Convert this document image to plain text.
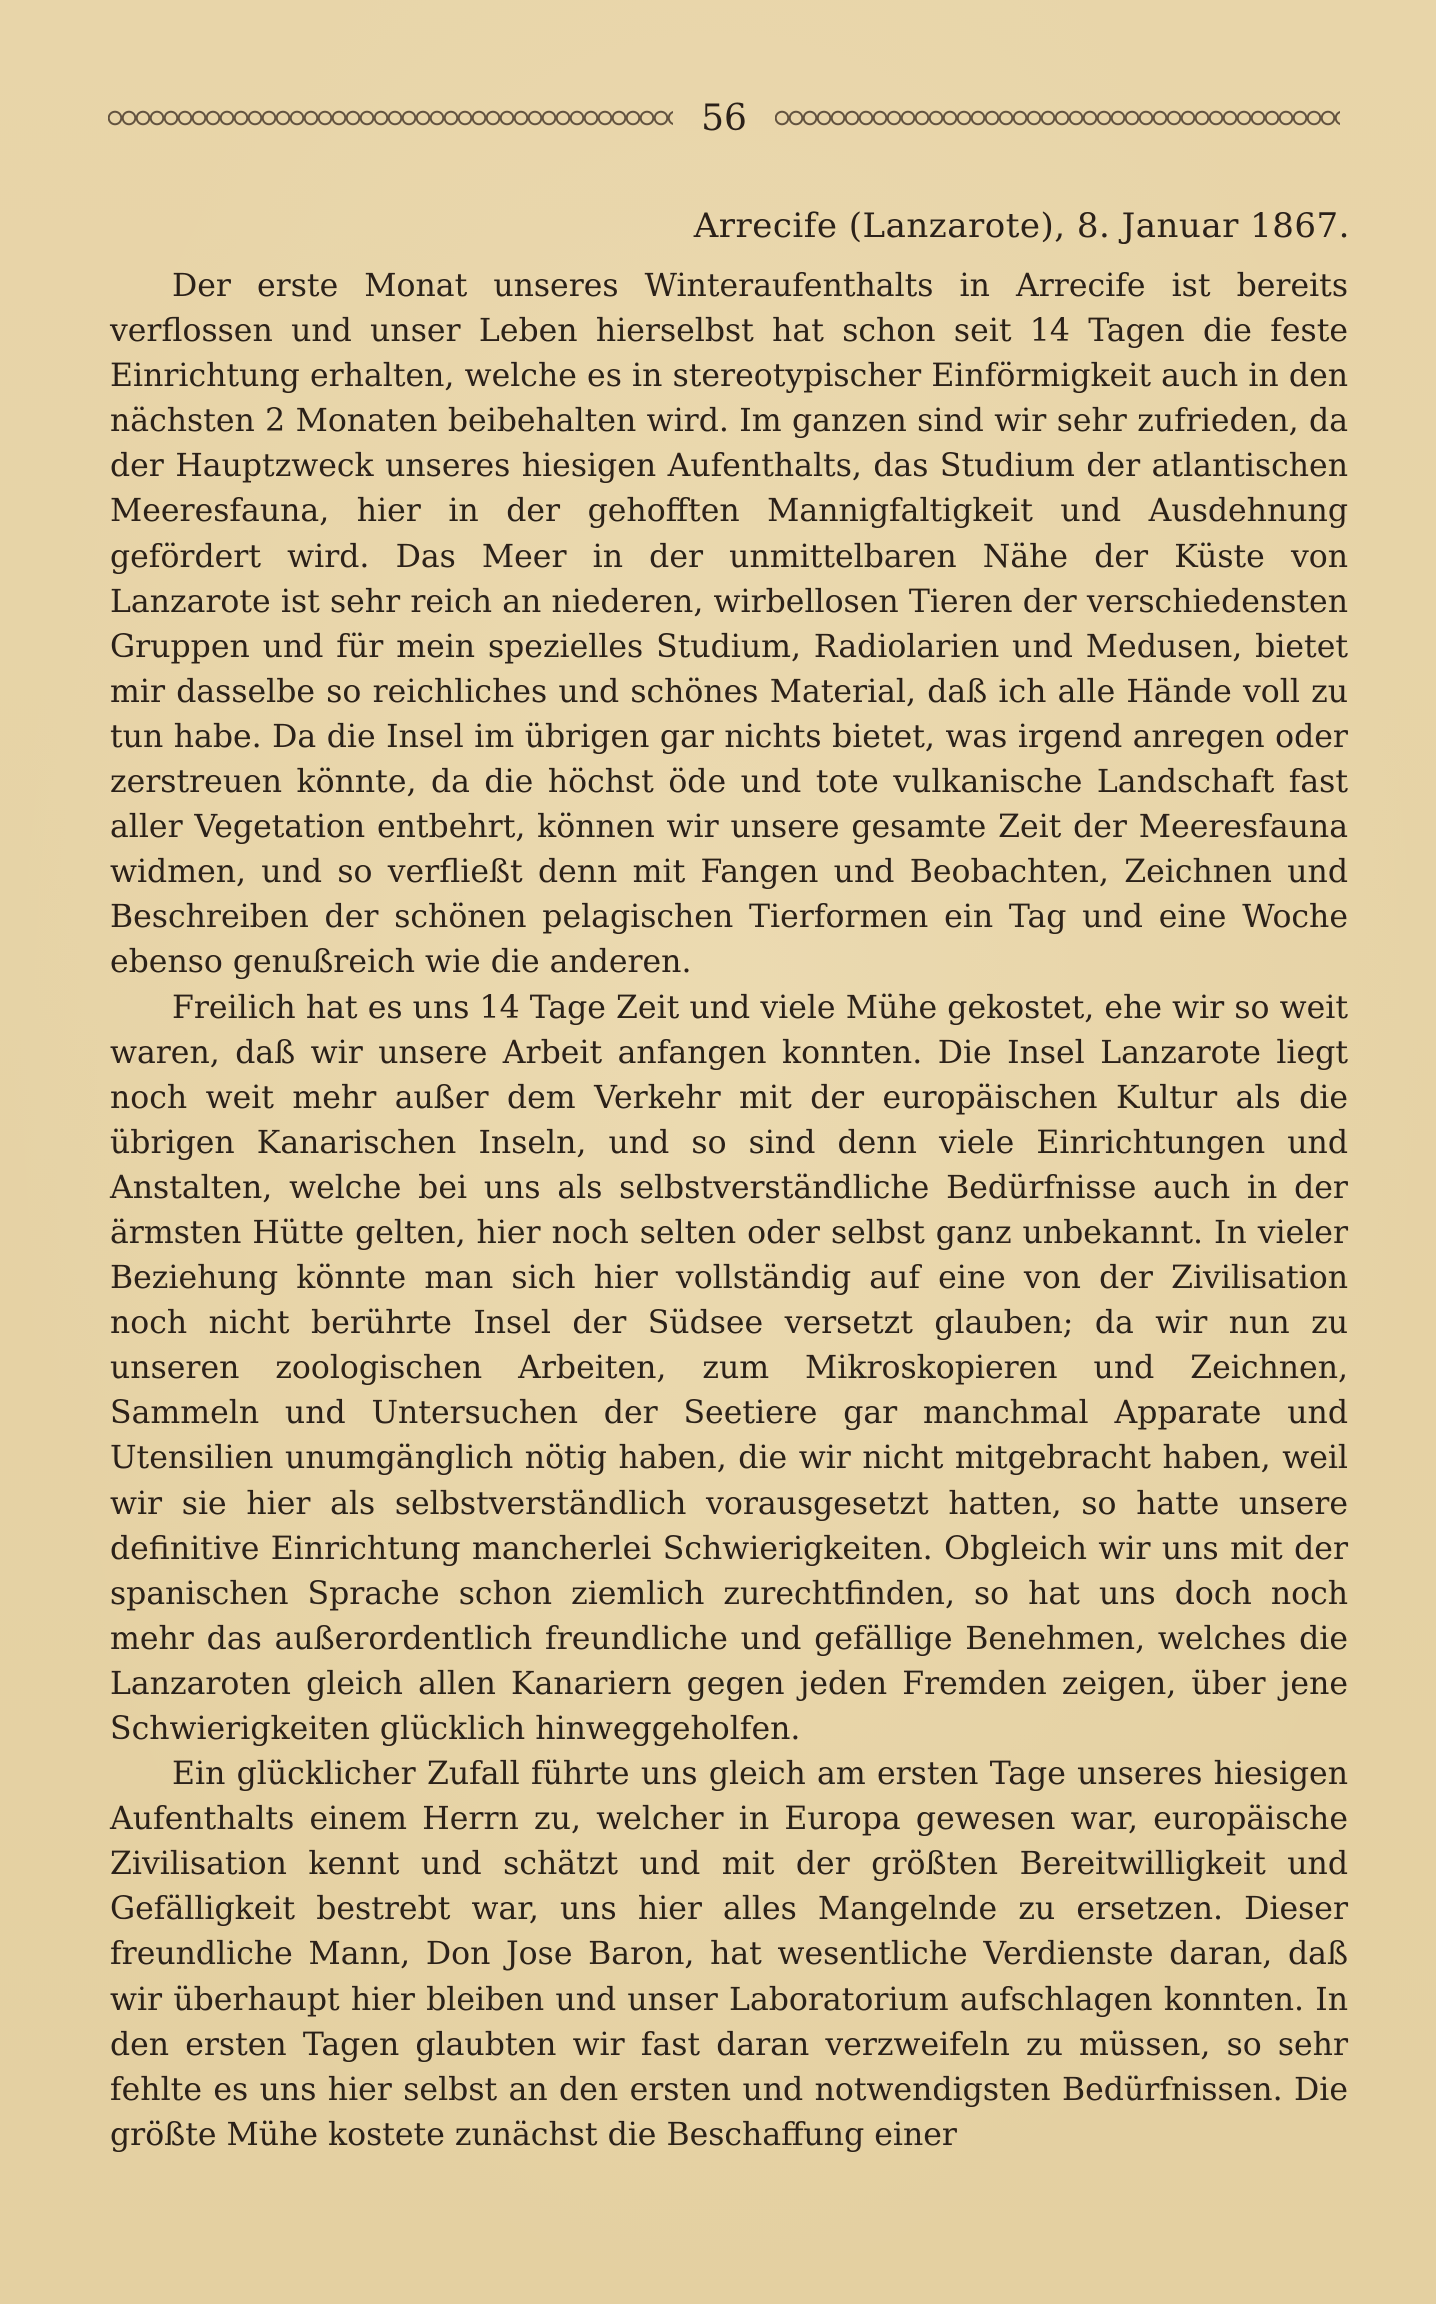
56
Arrecife (Lanzarote), 8. Januar 1867.

Der erste Monat unseres Winteraufenthalts in Arrecife ist bereits verflossen und unser Leben hierselbst hat schon seit 14 Tagen die feste Einrichtung erhalten, welche es in stereotypischer Einförmigkeit auch in den nächsten 2 Monaten beibehalten wird. Im ganzen sind wir sehr zufrieden, da der Hauptzweck unseres hiesigen Aufenthalts, das Studium der atlantischen Meeresfauna, hier in der gehofften Mannigfaltigkeit und Ausdehnung gefördert wird. Das Meer in der unmittelbaren Nähe der Küste von Lanzarote ist sehr reich an niederen, wirbellosen Tieren der verschiedensten Gruppen und für mein spezielles Studium, Radiolarien und Medusen, bietet mir dasselbe so reichliches und schönes Material, daß ich alle Hände voll zu tun habe. Da die Insel im übrigen gar nichts bietet, was irgend anregen oder zerstreuen könnte, da die höchst öde und tote vulkanische Landschaft fast aller Vegetation entbehrt, können wir unsere gesamte Zeit der Meeresfauna widmen, und so verfließt denn mit Fangen und Beobachten, Zeichnen und Beschreiben der schönen pelagischen Tierformen ein Tag und eine Woche ebenso genußreich wie die anderen.

Freilich hat es uns 14 Tage Zeit und viele Mühe gekostet, ehe wir so weit waren, daß wir unsere Arbeit anfangen konnten. Die Insel Lanzarote liegt noch weit mehr außer dem Verkehr mit der europäischen Kultur als die übrigen Kanarischen Inseln, und so sind denn viele Einrichtungen und Anstalten, welche bei uns als selbstverständliche Bedürfnisse auch in der ärmsten Hütte gelten, hier noch selten oder selbst ganz unbekannt. In vieler Beziehung könnte man sich hier vollständig auf eine von der Zivilisation noch nicht berührte Insel der Südsee versetzt glauben; da wir nun zu unseren zoologischen Arbeiten, zum Mikroskopieren und Zeichnen, Sammeln und Untersuchen der Seetiere gar manchmal Apparate und Utensilien unumgänglich nötig haben, die wir nicht mitgebracht haben, weil wir sie hier als selbstverständlich vorausgesetzt hatten, so hatte unsere definitive Einrichtung mancherlei Schwierigkeiten. Obgleich wir uns mit der spanischen Sprache schon ziemlich zurechtfinden, so hat uns doch noch mehr das außerordentlich freundliche und gefällige Benehmen, welches die Lanzaroten gleich allen Kanariern gegen jeden Fremden zeigen, über jene Schwierigkeiten glücklich hinweggeholfen.

Ein glücklicher Zufall führte uns gleich am ersten Tage unseres hiesigen Aufenthalts einem Herrn zu, welcher in Europa gewesen war, europäische Zivilisation kennt und schätzt und mit der größten Bereitwilligkeit und Gefälligkeit bestrebt war, uns hier alles Mangelnde zu ersetzen. Dieser freundliche Mann, Don Jose Baron, hat wesentliche Verdienste daran, daß wir überhaupt hier bleiben und unser Laboratorium aufschlagen konnten. In den ersten Tagen glaubten wir fast daran verzweifeln zu müssen, so sehr fehlte es uns hier selbst an den ersten und notwendigsten Bedürfnissen. Die größte Mühe kostete zunächst die Beschaffung einer
